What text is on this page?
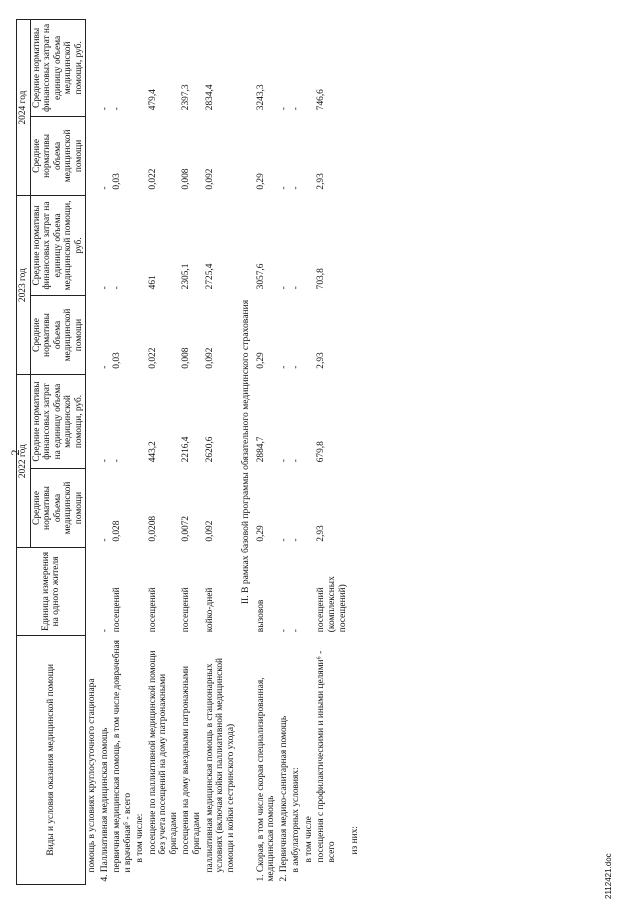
2
Виды и условия оказания медицинской помощи	Единица измерения на одного жителя	2022 год		2023 год		2024 год	
		Средние нормативы объема медицинской помощи	Средние нормативы финансовых затрат на единицу объема медицинской помощи, руб.	Средние нормативы объема медицинской помощи	Средние нормативы финансовых затрат на единицу объема медицинской помощи, руб.	Средние нормативы объема медицинской помощи	Средние нормативы финансовых затрат на единицу объема медицинской помощи, руб.
помощь в условиях круглосуточного стационара							
4. Паллиативная медицинская помощь	-	-	-	-	-	-	-
первичная медицинская помощь, в том числе доврачебная и врачебная⁵ - всего	посещений	0,028	-	0,03	-	0,03	-
в том числе:							
посещение по паллиативной медицинской помощи без учета посещений на дому патронажными бригадами	посещений	0,0208	443,2	0,022	461	0,022	479,4
посещения на дому выездными патронажными бригадами	посещений	0,0072	2216,4	0,008	2305,1	0,008	2397,3
паллиативная медицинская помощь в стационарных условиях (включая койки паллиативной медицинской помощи и койки сестринского ухода)	койко-дней	0,092	2620,6	0,092	2725,4	0,092	2834,4
II. В рамках базовой программы обязательного медицинского страхования							
1. Скорая, в том числе скорая специализированная, медицинская помощь	вызовов	0,29	2884,7	0,29	3057,6	0,29	3243,3
2. Первичная медико-санитарная помощь	-	-	-	-	-	-	-
в амбулаторных условиях:	-	-	-	-	-	-	-
в том числе							
посещения с профилактическими и иными целями⁶ - всего	посещений (комплексных посещений)	2,93	679,8	2,93	703,8	2,93	746,6
из них:							
2112421.doc
